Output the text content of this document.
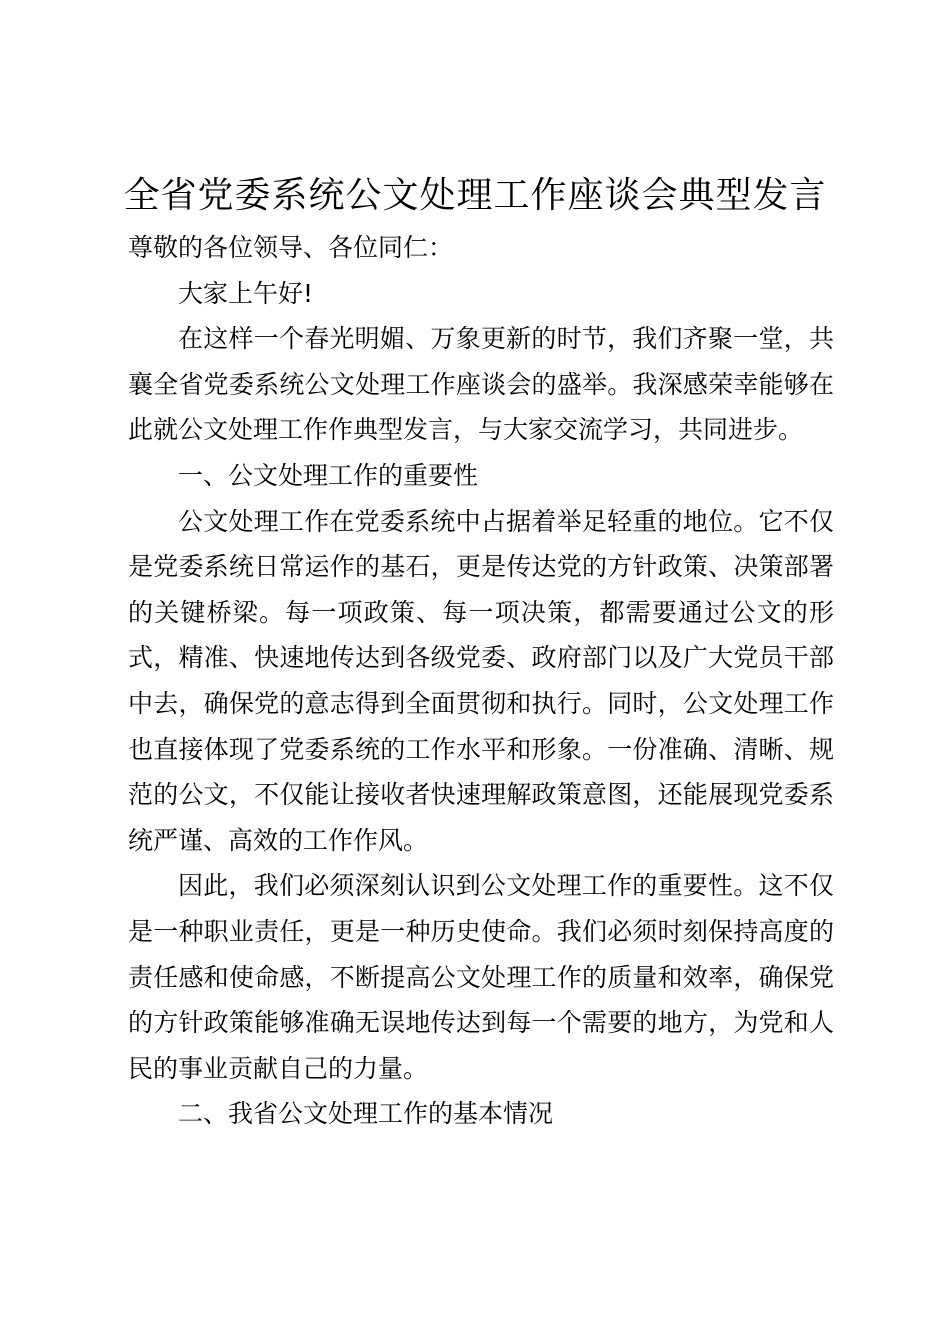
全省党委系统公文处理工作座谈会典型发言

尊敬的各位领导、各位同仁：

大家上午好!

在这样一个春光明媚、万象更新的时节，我们齐聚一堂，共襄全省党委系统公文处理工作座谈会的盛举。我深感荣幸能够在此就公文处理工作作典型发言，与大家交流学习，共同进步。

一、公文处理工作的重要性

公文处理工作在党委系统中占据着举足轻重的地位。它不仅是党委系统日常运作的基石，更是传达党的方针政策、决策部署的关键桥梁。每一项政策、每一项决策，都需要通过公文的形式，精准、快速地传达到各级党委、政府部门以及广大党员干部中去，确保党的意志得到全面贯彻和执行。同时，公文处理工作也直接体现了党委系统的工作水平和形象。一份准确、清晰、规范的公文，不仅能让接收者快速理解政策意图，还能展现党委系统严谨、高效的工作作风。

因此，我们必须深刻认识到公文处理工作的重要性。这不仅是一种职业责任，更是一种历史使命。我们必须时刻保持高度的责任感和使命感，不断提高公文处理工作的质量和效率，确保党的方针政策能够准确无误地传达到每一个需要的地方，为党和人民的事业贡献自己的力量。

二、我省公文处理工作的基本情况
